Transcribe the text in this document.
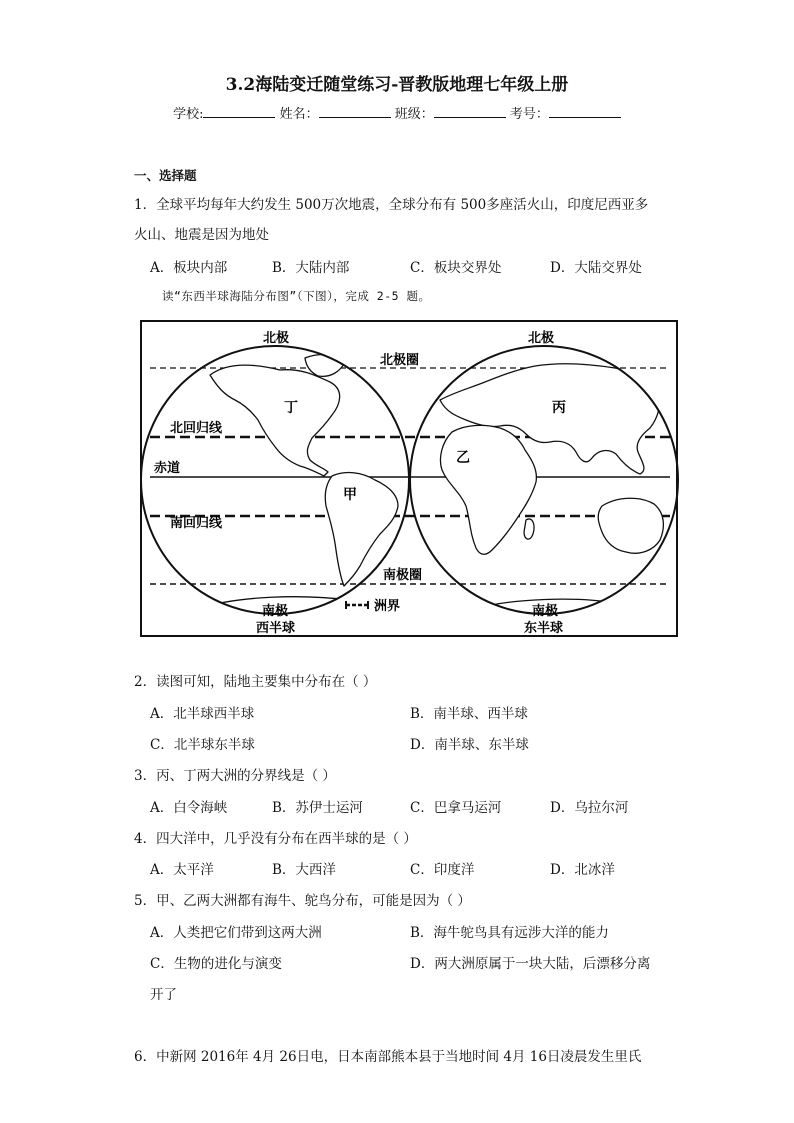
3.2海陆变迁随堂练习-晋教版地理七年级上册
学校:	姓名：	班级：	考号：
一、选择题
1．全球平均每年大约发生 500万次地震，全球分布有 500多座活火山，印度尼西亚多
火山、地震是因为地处
A．板块内部	B．大陆内部	C．板块交界处	D．大陆交界处
读“东西半球海陆分布图”（下图），完成 2-5 题。
北极	北极
北极圈
北回归线
赤道
南回归线
南极圈
南极
西半球
南极
东半球
洲界
丁
甲
乙
丙
2．读图可知，陆地主要集中分布在（ ）
A．北半球西半球	B．南半球、西半球
C．北半球东半球	D．南半球、东半球
3．丙、丁两大洲的分界线是（ ）
A．白令海峡	B．苏伊士运河	C．巴拿马运河	D．乌拉尔河
4．四大洋中，几乎没有分布在西半球的是（ ）
A．太平洋	B．大西洋	C．印度洋	D．北冰洋
5．甲、乙两大洲都有海牛、鸵鸟分布，可能是因为（ ）
A．人类把它们带到这两大洲	B．海牛鸵鸟具有远涉大洋的能力
C．生物的进化与演变	D．两大洲原属于一块大陆，后漂移分离
开了
6．中新网 2016年 4月 26日电，日本南部熊本县于当地时间 4月 16日凌晨发生里氏
